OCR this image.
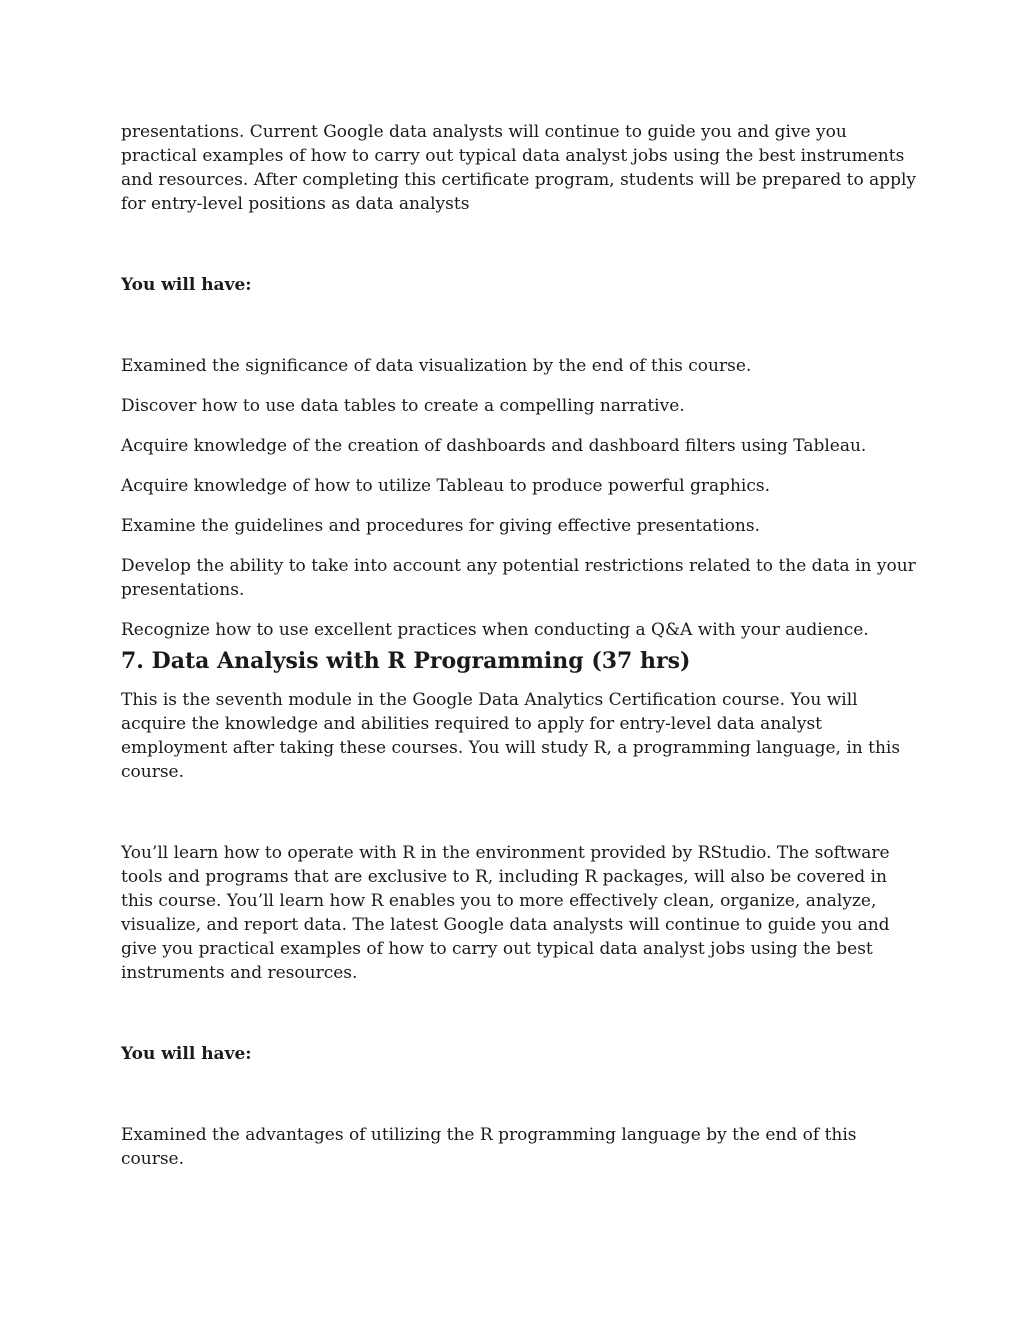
presentations. Current Google data analysts will continue to guide you and give you practical examples of how to carry out typical data analyst jobs using the best instruments and resources. After completing this certificate program, students will be prepared to apply for entry-level positions as data analysts

You will have:

Examined the significance of data visualization by the end of this course.

Discover how to use data tables to create a compelling narrative.

Acquire knowledge of the creation of dashboards and dashboard filters using Tableau.

Acquire knowledge of how to utilize Tableau to produce powerful graphics.

Examine the guidelines and procedures for giving effective presentations.

Develop the ability to take into account any potential restrictions related to the data in your presentations.

Recognize how to use excellent practices when conducting a Q&A with your audience.

7. Data Analysis with R Programming (37 hrs)

This is the seventh module in the Google Data Analytics Certification course. You will acquire the knowledge and abilities required to apply for entry-level data analyst employment after taking these courses. You will study R, a programming language, in this course.

You’ll learn how to operate with R in the environment provided by RStudio. The software tools and programs that are exclusive to R, including R packages, will also be covered in this course. You’ll learn how R enables you to more effectively clean, organize, analyze, visualize, and report data. The latest Google data analysts will continue to guide you and give you practical examples of how to carry out typical data analyst jobs using the best instruments and resources.

You will have:

Examined the advantages of utilizing the R programming language by the end of this course.
